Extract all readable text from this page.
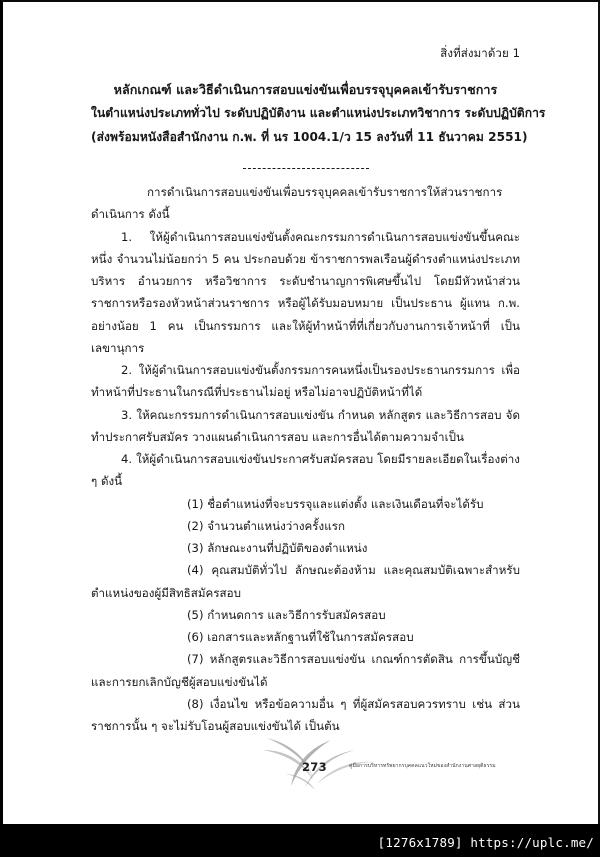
สิ่งที่ส่งมาด้วย 1
หลักเกณฑ์ และวิธีดำเนินการสอบแข่งขันเพื่อบรรจุบุคคลเข้ารับราชการ
ในตำแหน่งประเภททั่วไป ระดับปฏิบัติงาน และตำแหน่งประเภทวิชาการ ระดับปฏิบัติการ
(ส่งพร้อมหนังสือสำนักงาน ก.พ. ที่ นร 1004.1/ว 15 ลงวันที่ 11 ธันวาคม 2551)

การดำเนินการสอบแข่งขันเพื่อบรรจุบุคคลเข้ารับราชการให้ส่วนราชการดำเนินการ ดังนี้

1. ให้ผู้ดำเนินการสอบแข่งขันตั้งคณะกรรมการดำเนินการสอบแข่งขันขึ้นคณะหนึ่ง จำนวนไม่น้อยกว่า 5 คน ประกอบด้วย ข้าราชการพลเรือนผู้ดำรงตำแหน่งประเภทบริหาร อำนวยการ หรือวิชาการ ระดับชำนาญการพิเศษขึ้นไป โดยมีหัวหน้าส่วนราชการหรือรองหัวหน้าส่วนราชการ หรือผู้ได้รับมอบหมาย เป็นประธาน ผู้แทน ก.พ. อย่างน้อย 1 คน เป็นกรรมการ และให้ผู้ทำหน้าที่ที่เกี่ยวกับงานการเจ้าหน้าที่ เป็นเลขานุการ

2. ให้ผู้ดำเนินการสอบแข่งขันตั้งกรรมการคนหนึ่งเป็นรองประธานกรรมการ เพื่อทำหน้าที่ประธานในกรณีที่ประธานไม่อยู่ หรือไม่อาจปฏิบัติหน้าที่ได้

3. ให้คณะกรรมการดำเนินการสอบแข่งขัน กำหนด หลักสูตร และวิธีการสอบ จัดทำประกาศรับสมัคร วางแผนดำเนินการสอบ และการอื่นได้ตามความจำเป็น

4. ให้ผู้ดำเนินการสอบแข่งขันประกาศรับสมัครสอบ โดยมีรายละเอียดในเรื่องต่าง ๆ ดังนี้

(1) ชื่อตำแหน่งที่จะบรรจุและแต่งตั้ง และเงินเดือนที่จะได้รับ

(2) จำนวนตำแหน่งว่างครั้งแรก

(3) ลักษณะงานที่ปฏิบัติของตำแหน่ง

(4) คุณสมบัติทั่วไป ลักษณะต้องห้าม และคุณสมบัติเฉพาะสำหรับตำแหน่งของผู้มีสิทธิสมัครสอบ

(5) กำหนดการ และวิธีการรับสมัครสอบ

(6) เอกสารและหลักฐานที่ใช้ในการสมัครสอบ

(7) หลักสูตรและวิธีการสอบแข่งขัน เกณฑ์การตัดสิน การขึ้นบัญชี และการยกเลิกบัญชีผู้สอบแข่งขันได้

(8) เงื่อนไข หรือข้อความอื่น ๆ ที่ผู้สมัครสอบควรทราบ เช่น ส่วนราชการนั้น ๆ จะไม่รับโอนผู้สอบแข่งขันได้ เป็นต้น

273	คู่มือการบริหารทรัพยากรบุคคลแนวใหม่ของสำนักงานศาลยุติธรรม
[1276x1789] https://uplc.me/
